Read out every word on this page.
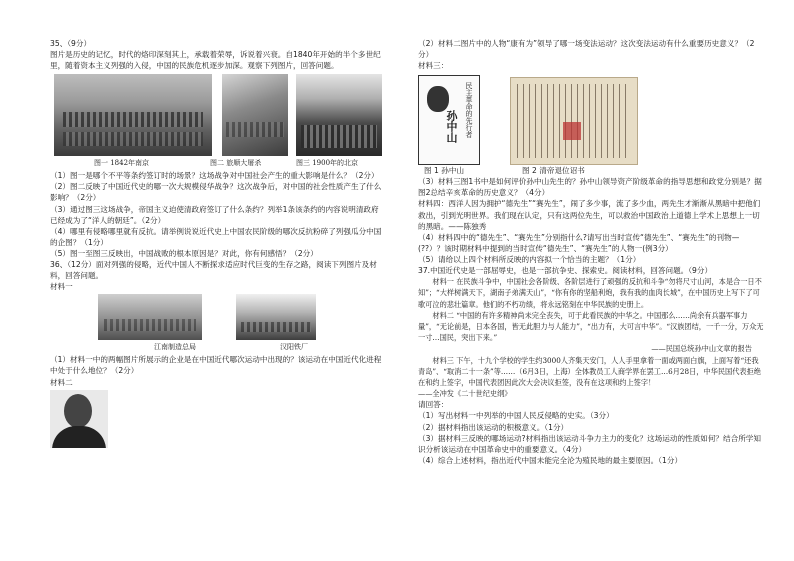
35、（9分）

图片是历史的记忆，时代的烙印深刻其上，承载着荣辱，诉说着兴衰。自1840年开始的半个多世纪里，随着资本主义列强的入侵，中国的民族危机逐步加深。观察下列图片，回答问题。

图一 1842年南京	图二 旅顺大屠杀	图三 1900年的北京

（1）图一是哪个不平等条约签订时的场景？这场战争对中国社会产生的重大影响是什么？（2分）

（2）图二反映了中国近代史的哪一次大规模侵华战争？这次战争后，对中国的社会性质产生了什么影响？（2分）

（3）通过图三这场战争，帝国主义迫使清政府签订了什么条约？列举1条该条约的内容说明清政府已经成为了“洋人的朝廷”。（2分）

（4）哪里有侵略哪里就有反抗。请举例说说近代史上中国农民阶级的哪次反抗粉碎了列强瓜分中国的企图？（1分）

（5）图一至图三反映出，中国战败的根本原因是？对此，你有何感悟？（2分）

36、（12分）面对列强的侵略，近代中国人不断探求适应时代巨变的生存之路，阅读下列图片及材料，回答问题。

材料一

江南制造总局	汉阳铁厂

（1）材料一中的两幅图片所展示的企业是在中国近代哪次运动中出现的？该运动在中国近代化进程中处于什么地位？（2分）

材料二

（2）材料二图片中的人物“康有为”领导了哪一场变法运动？这次变法运动有什么重要历史意义？（2分）

材料三：

民主革命的先行者
孙中山
图 1 孙中山	图 2 清帝退位诏书

（3）材料三图1书中是如何评价孙中山先生的？孙中山领导资产阶级革命的指导思想和政党分别是？据图2总结辛亥革命的历史意义？（4分）

材料四：西洋人因为拥护“德先生”“赛先生”，闹了多少事，流了多少血，两先生才渐渐从黑暗中把他们救出，引到光明世界。我们现在认定，只有这两位先生，可以救治中国政治上道德上学术上思想上一切的黑暗。——陈独秀

（4）材料四中的“德先生”、“赛先生”分别指什么?请写出当时宣传“德先生”、“赛先生”的刊物—(??）？该时期材料中提到的当时宣传“德先生”、“赛先生”的人物一(例3分）

（5）请给以上四个材料所反映的内容拟一个恰当的主题？（1分）

37.中国近代史是一部屈辱史，也是一部抗争史、探索史。阅读材料，回答问题。（9分）

材料一 在民族斗争中，中国社会各阶级、各阶层进行了顽强的反抗和斗争“勿将尺寸山河，本是合一日不知”；“大样树满天下，湖南子弟满天山”，“你有你的坚船利炮，我有我的血肉长城”，在中国历史上写下了可歌可泣的悲壮篇章。他们的不朽功绩，将永远铭刻在中华民族的史册上。

材料二 “中国的有许多精神尚未完全丧失，可于此看民族的中华之。中国那么……尚余有兵器军事力量”，“无论前是，日本各国，皆无此胆力与人能力”，“出力有，大可言中华”。“汉族团结，一千一分，万众无一寸…国民，突出下来。”

——民国总统孙中山文章的报告

材料三 下午，十九个学校的学生约3000人齐集天安门，人人手里拿着一面或两面白旗，上面写着“还我青岛”、“取消二十一条”等……（6月3日，上海）全体教员工人商学界在罢工…6月28日，中华民国代表拒绝在和约上签字，中国代表团因此次大会决议拒签，没有在这项和约上签字！

——全冲发《二十世纪史纲》

请回答：

（1）写出材料一中列举的中国人民反侵略的史实。（3分）

（2）据材料指出该运动的积极意义。（1分）

（3）据材料三反映的哪场运动?材料指出该运动斗争力主力的变化？这场运动的性质如何？结合所学知识分析该运动在中国革命史中的重要意义。（4分）

（4）综合上述材料，指出近代中国未能完全沦为殖民地的最主要原因。（1分）
